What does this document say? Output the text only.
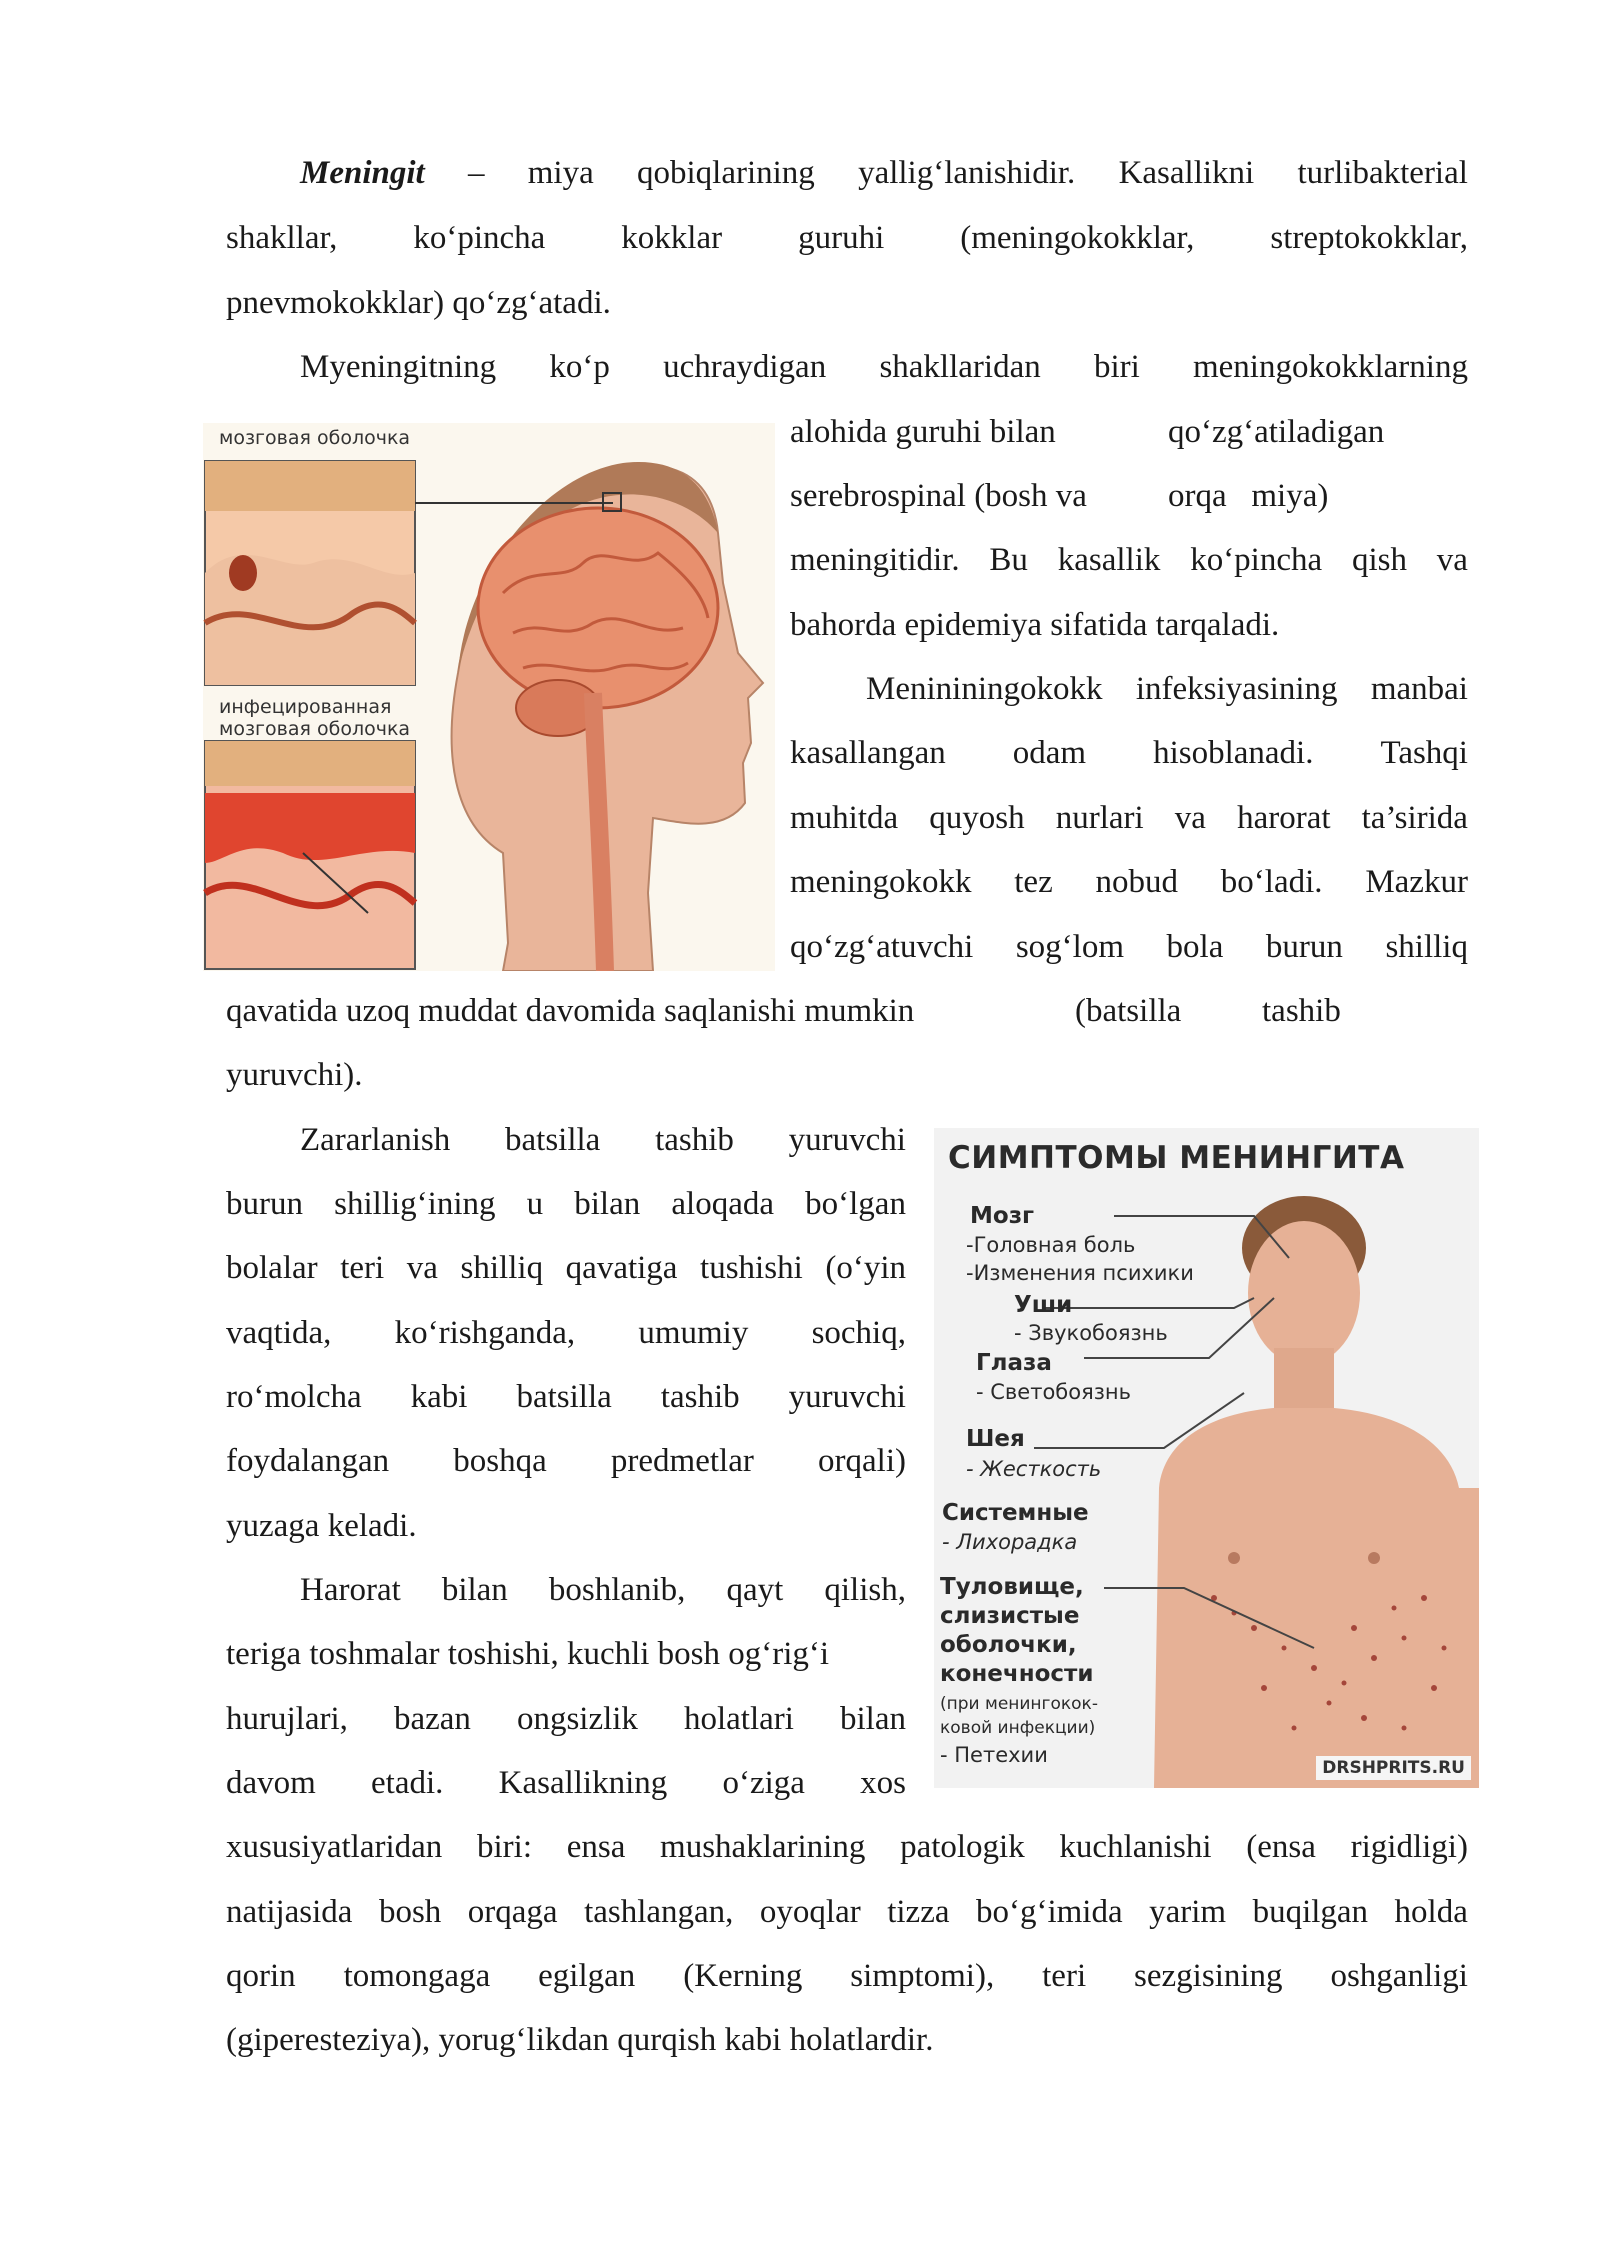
Meningit – miya qobiqlarining yallig‘lanishidir. Kasallikni turlibakterial
shakllar, ko‘pincha kokklar guruhi (meningokokklar, streptokokklar,
pnevmokokklar) qo‘zg‘atadi.
Myeningitning ko‘p uchraydigan shakllaridan biri meningokokklarning
alohida guruhi bilan	qo‘zg‘atiladigan
serebrospinal (bosh va orqa   miya)
meningitidir. Bu kasallik ko‘pincha qish va
bahorda epidemiya sifatida tarqaladi.
Menininingokokk infeksiyasining manbai
kasallangan odam hisoblanadi. Tashqi
muhitda quyosh nurlari va harorat ta’sirida
meningokokk tez nobud bo‘ladi. Mazkur
qo‘zg‘atuvchi sog‘lom bola burun shilliq
qavatida uzoq muddat davomida saqlanishi mumkin	(batsilla tashib
yuruvchi).
Zararlanish batsilla tashib yuruvchi
burun shillig‘ining u bilan aloqada bo‘lgan
bolalar teri va shilliq qavatiga tushishi (o‘yin
vaqtida, ko‘rishganda, umumiy sochiq,
ro‘molcha kabi batsilla tashib yuruvchi
foydalangan boshqa predmetlar orqali)
yuzaga keladi.
Harorat bilan boshlanib, qayt qilish,
teriga toshmalar toshishi, kuchli bosh og‘rig‘i
hurujlari, bazan ongsizlik holatlari bilan
davom etadi. Kasallikning o‘ziga xos
xususiyatlaridan biri: ensa mushaklarining patologik kuchlanishi (ensa rigidligi)
natijasida bosh orqaga tashlangan, oyoqlar tizza bo‘g‘imida yarim buqilgan holda
qorin tomongaga egilgan (Kerning simptomi), teri sezgisining oshganligi
(giperesteziya), yorug‘likdan qurqish kabi holatlardir.
мозговая оболочка
инфецированная
мозговая оболочка
СИМПТОМЫ МЕНИНГИТА
Мозг
-Головная боль
-Изменения психики
Уши
- Звукобоязнь
Глаза
- Светобоязнь
Шея
- Жесткость
Системные
- Лихорадка
Туловище,
слизистые
оболочки,
конечности
(при менингокок-
ковой инфекции)
- Петехии
DRSHPRITS.RU
